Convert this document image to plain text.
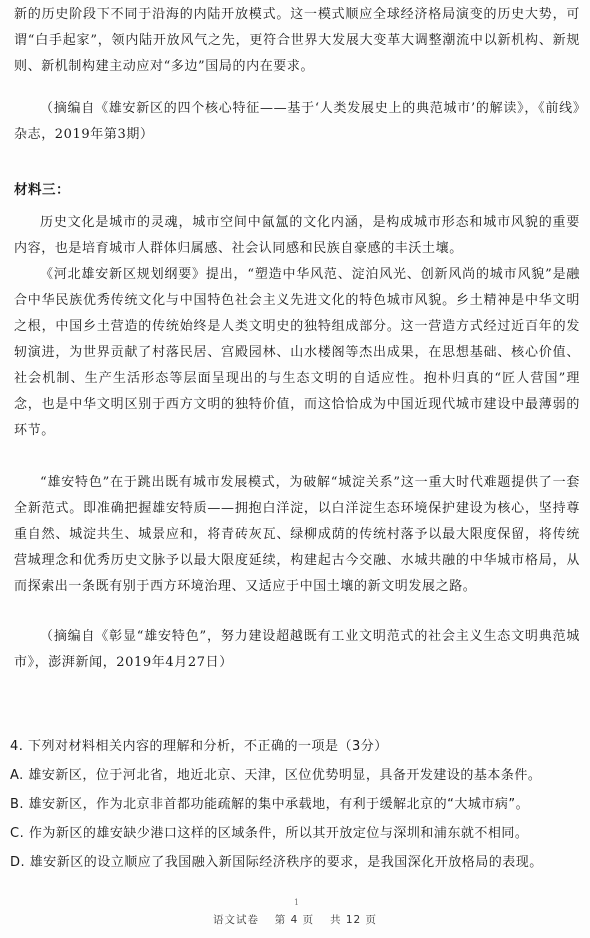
新的历史阶段下不同于沿海的内陆开放模式。这一模式顺应全球经济格局演变的历史大势，可谓“白手起家”，领内陆开放风气之先，更符合世界大发展大变革大调整潮流中以新机构、新规则、新机制构建主动应对“多边”国局的内在要求。

（摘编自《雄安新区的四个核心特征——基于‘人类发展史上的典范城市’的解读》，《前线》杂志，2019年第3期）

材料三：

历史文化是城市的灵魂，城市空间中氤氲的文化内涵，是构成城市形态和城市风貌的重要内容，也是培育城市人群体归属感、社会认同感和民族自豪感的丰沃土壤。

《河北雄安新区规划纲要》提出，“塑造中华风范、淀泊风光、创新风尚的城市风貌”是融合中华民族优秀传统文化与中国特色社会主义先进文化的特色城市风貌。乡土精神是中华文明之根，中国乡土营造的传统始终是人类文明史的独特组成部分。这一营造方式经过近百年的发轫演进，为世界贡献了村落民居、宫殿园林、山水楼阁等杰出成果，在思想基础、核心价值、社会机制、生产生活形态等层面呈现出的与生态文明的自适应性。抱朴归真的“匠人营国”理念，也是中华文明区别于西方文明的独特价值，而这恰恰成为中国近现代城市建设中最薄弱的环节。

“雄安特色”在于跳出既有城市发展模式，为破解“城淀关系”这一重大时代难题提供了一套全新范式。即准确把握雄安特质——拥抱白洋淀，以白洋淀生态环境保护建设为核心，坚持尊重自然、城淀共生、城景应和，将青砖灰瓦、绿柳成荫的传统村落予以最大限度保留，将传统营城理念和优秀历史文脉予以最大限度延续，构建起古今交融、水城共融的中华城市格局，从而探索出一条既有别于西方环境治理、又适应于中国土壤的新文明发展之路。

（摘编自《彰显“雄安特色”，努力建设超越既有工业文明范式的社会主义生态文明典范城市》，澎湃新闻，2019年4月27日）

4. 下列对材料相关内容的理解和分析，不正确的一项是（3分）
A. 雄安新区，位于河北省，地近北京、天津，区位优势明显，具备开发建设的基本条件。
B. 雄安新区，作为北京非首都功能疏解的集中承载地，有利于缓解北京的“大城市病”。
C. 作为新区的雄安缺少港口这样的区域条件，所以其开放定位与深圳和浦东就不相同。
D. 雄安新区的设立顺应了我国融入新国际经济秩序的要求，是我国深化开放格局的表现。
1
语文试卷　 第 4 页　 共 12 页
